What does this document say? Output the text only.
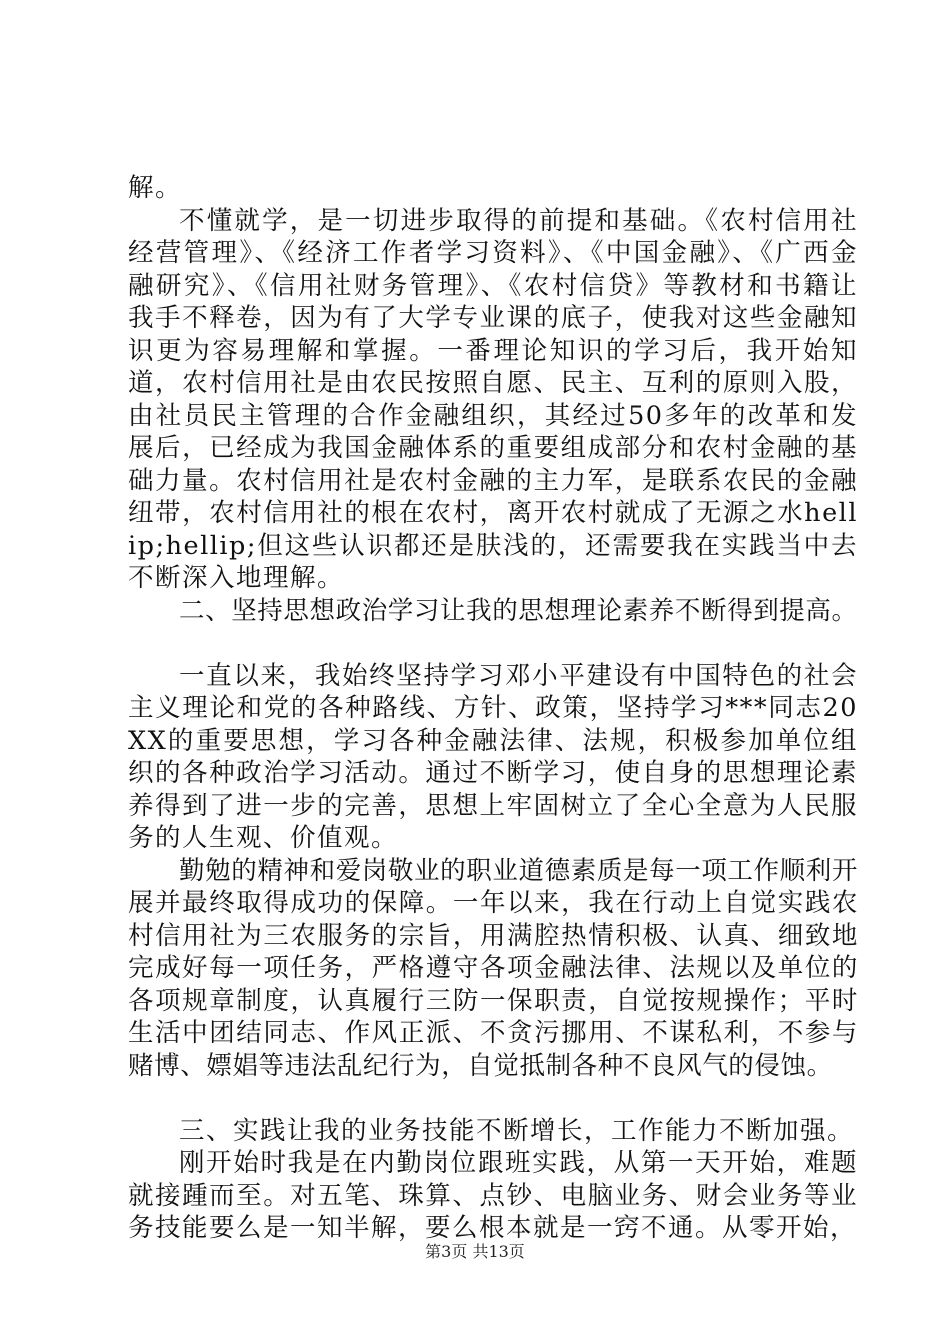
解。

不懂就学，是一切进步取得的前提和基础。《农村信用社经营管理》、《经济工作者学习资料》、《中国金融》、《广西金融研究》、《信用社财务管理》、《农村信贷》等教材和书籍让我手不释卷，因为有了大学专业课的底子，使我对这些金融知识更为容易理解和掌握。一番理论知识的学习后，我开始知道，农村信用社是由农民按照自愿、民主、互利的原则入股，由社员民主管理的合作金融组织，其经过50多年的改革和发展后，已经成为我国金融体系的重要组成部分和农村金融的基础力量。农村信用社是农村金融的主力军，是联系农民的金融纽带，农村信用社的根在农村，离开农村就成了无源之水hellip;hellip;但这些认识都还是肤浅的，还需要我在实践当中去不断深入地理解。

二、坚持思想政治学习让我的思想理论素养不断得到提高。

一直以来，我始终坚持学习邓小平建设有中国特色的社会主义理论和党的各种路线、方针、政策，坚持学习***同志20XX的重要思想，学习各种金融法律、法规，积极参加单位组织的各种政治学习活动。通过不断学习，使自身的思想理论素养得到了进一步的完善，思想上牢固树立了全心全意为人民服务的人生观、价值观。

勤勉的精神和爱岗敬业的职业道德素质是每一项工作顺利开展并最终取得成功的保障。一年以来，我在行动上自觉实践农村信用社为三农服务的宗旨，用满腔热情积极、认真、细致地完成好每一项任务，严格遵守各项金融法律、法规以及单位的各项规章制度，认真履行三防一保职责，自觉按规操作；平时生活中团结同志、作风正派、不贪污挪用、不谋私利，不参与赌博、嫖娼等违法乱纪行为，自觉抵制各种不良风气的侵蚀。

三、实践让我的业务技能不断增长，工作能力不断加强。

刚开始时我是在内勤岗位跟班实践，从第一天开始，难题就接踵而至。对五笔、珠算、点钞、电脑业务、财会业务等业务技能要么是一知半解，要么根本就是一窍不通。从零开始，

第3页 共13页
